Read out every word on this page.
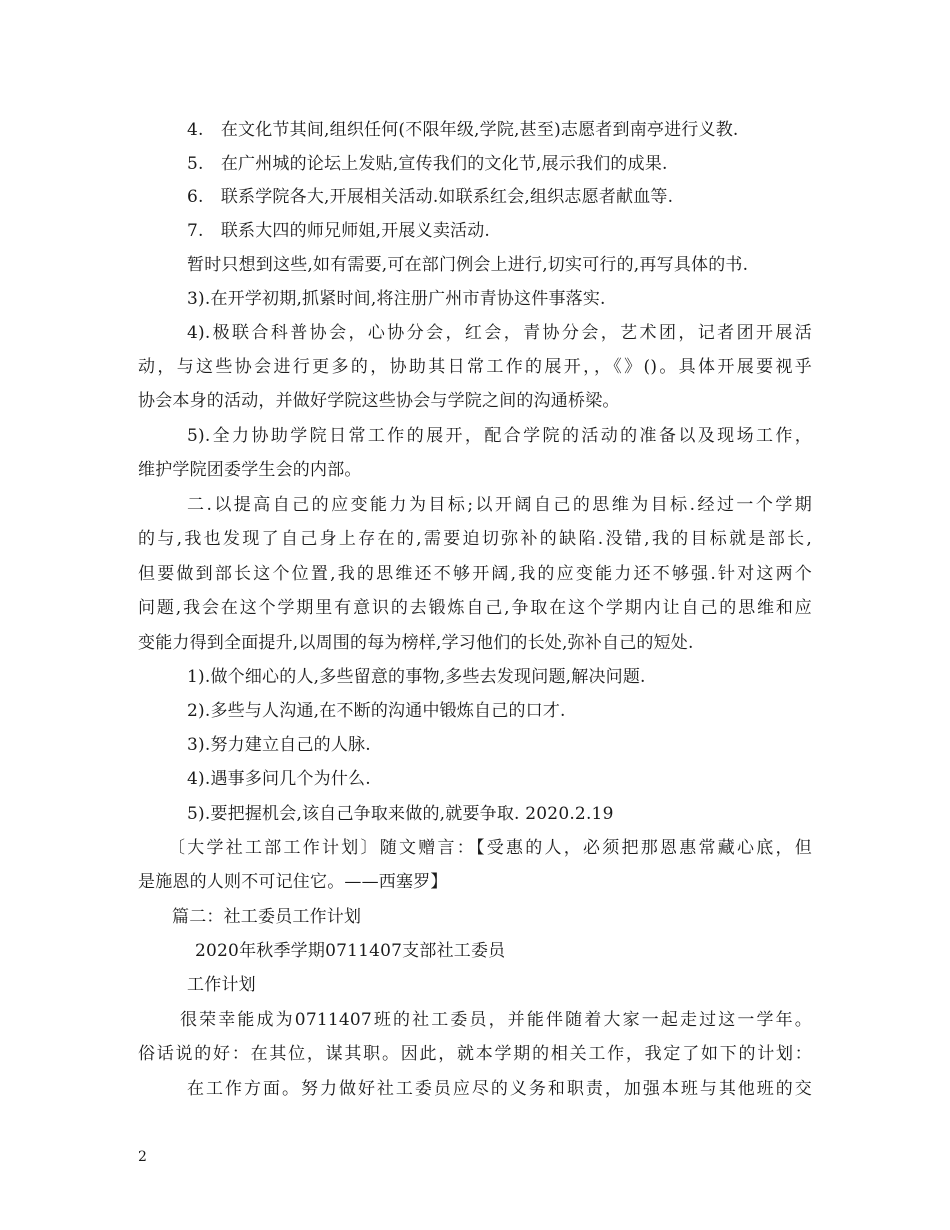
4.　在文化节其间,组织任何(不限年级,学院,甚至)志愿者到南亭进行义教.
5.　在广州城的论坛上发贴,宣传我们的文化节,展示我们的成果.
6.　联系学院各大,开展相关活动.如联系红会,组织志愿者献血等.
7.　联系大四的师兄师姐,开展义卖活动.
暂时只想到这些,如有需要,可在部门例会上进行,切实可行的,再写具体的书.
3).在开学初期,抓紧时间,将注册广州市青协这件事落实.
4).极联合科普协会，心协分会，红会，青协分会，艺术团，记者团开展活
动，与这些协会进行更多的，协助其日常工作的展开，，《》()。具体开展要视乎
协会本身的活动，并做好学院这些协会与学院之间的沟通桥梁。
5).全力协助学院日常工作的展开，配合学院的活动的准备以及现场工作，
维护学院团委学生会的内部。
二.以提高自己的应变能力为目标;以开阔自己的思维为目标.经过一个学期
的与,我也发现了自己身上存在的,需要迫切弥补的缺陷.没错,我的目标就是部长,
但要做到部长这个位置,我的思维还不够开阔,我的应变能力还不够强.针对这两个
问题,我会在这个学期里有意识的去锻炼自己,争取在这个学期内让自己的思维和应
变能力得到全面提升,以周围的每为榜样,学习他们的长处,弥补自己的短处.
1).做个细心的人,多些留意的事物,多些去发现问题,解决问题.
2).多些与人沟通,在不断的沟通中锻炼自己的口才.
3).努力建立自己的人脉.
4).遇事多问几个为什么.
5).要把握机会,该自己争取来做的,就要争取. 2020.2.19
〔大学社工部工作计划〕随文赠言：【受惠的人，必须把那恩惠常藏心底，但
是施恩的人则不可记住它。——西塞罗】
篇二：社工委员工作计划
2020年秋季学期0711407支部社工委员
工作计划
很荣幸能成为0711407班的社工委员，并能伴随着大家一起走过这一学年。
俗话说的好：在其位，谋其职。因此，就本学期的相关工作，我定了如下的计划：
在工作方面。努力做好社工委员应尽的义务和职责，加强本班与其他班的交
2
